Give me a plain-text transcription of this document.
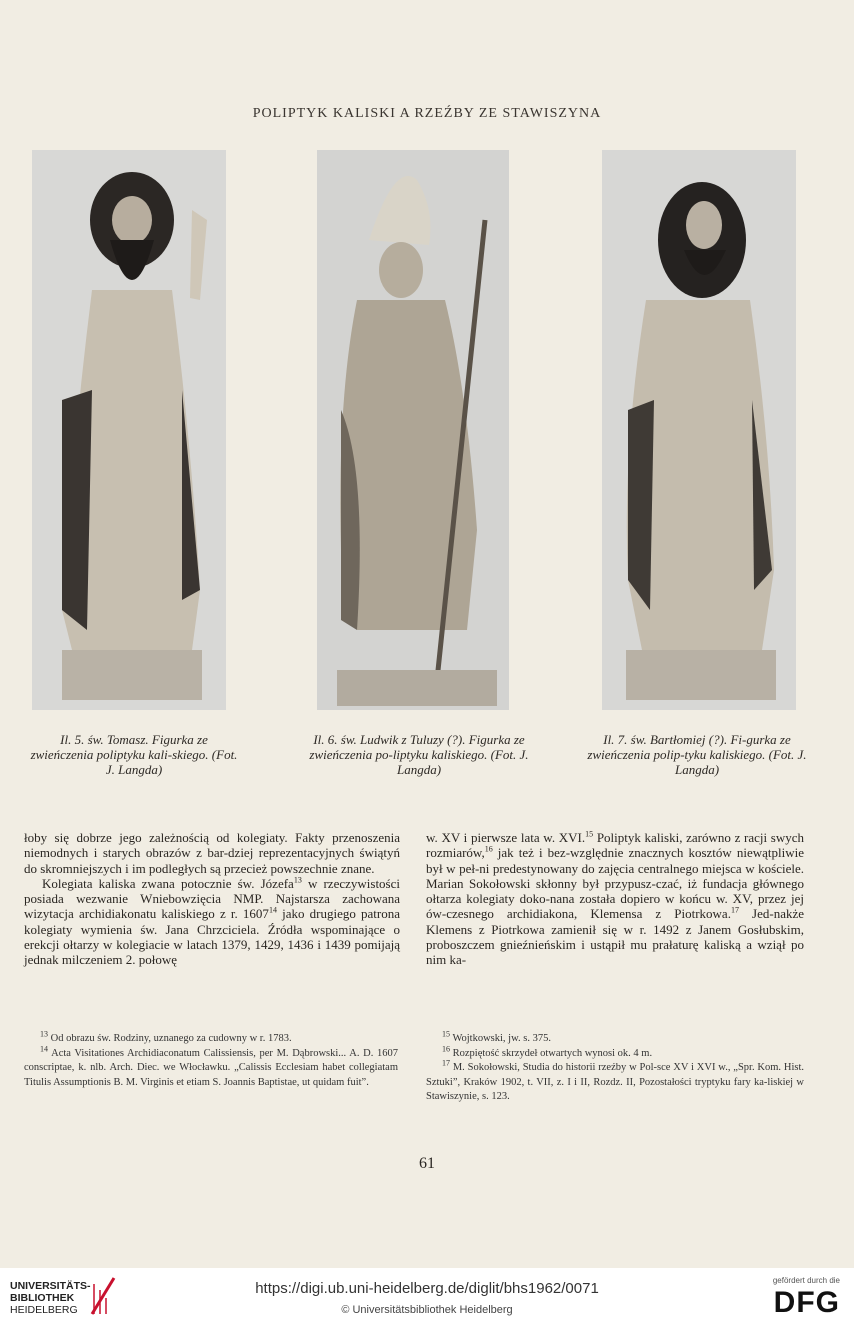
POLIPTYK KALISKI A RZEŹBY ZE STAWISZYNA
Il. 5. św. Tomasz. Figurka ze zwieńczenia poliptyku kali-skiego. (Fot. J. Langda)
Il. 6. św. Ludwik z Tuluzy (?). Figurka ze zwieńczenia po-liptyku kaliskiego. (Fot. J. Langda)
Il. 7. św. Bartłomiej (?). Fi-gurka ze zwieńczenia polip-tyku kaliskiego. (Fot. J. Langda)

łoby się dobrze jego zależnością od kolegiaty. Fakty przenoszenia niemodnych i starych obrazów z bar-dziej reprezentacyjnych świątyń do skromniejszych i im podległych są przecież powszechnie znane.

Kolegiata kaliska zwana potocznie św. Józefa$^{13}$ w rzeczywistości posiada wezwanie Wniebowzięcia NMP. Najstarsza zachowana wizytacja archidiakonatu kaliskiego z r. 1607$^{14}$ jako drugiego patrona kolegiaty wymienia św. Jana Chrzciciela. Źródła wspominające o erekcji ołtarzy w kolegiacie w latach 1379, 1429, 1436 i 1439 pomijają jednak milczeniem 2. połowę

w. XV i pierwsze lata w. XVI.$^{15}$ Poliptyk kaliski, zarówno z racji swych rozmiarów,$^{16}$ jak też i bez-względnie znacznych kosztów niewątpliwie był w peł-ni predestynowany do zajęcia centralnego miejsca w kościele. Marian Sokołowski skłonny był przypusz-czać, iż fundacja głównego ołtarza kolegiaty doko-nana została dopiero w końcu w. XV, przez jej ów-czesnego archidiakona, Klemensa z Piotrkowa.$^{17}$ Jed-nakże Klemens z Piotrkowa zamienił się w r. 1492 z Janem Gosłubskim, proboszczem gnieźnieńskim i ustąpił mu prałaturę kaliską a wziął po nim ka-

$^{13}$ Od obrazu św. Rodziny, uznanego za cudowny w r. 1783.

$^{14}$ Acta Visitationes Archidiaconatum Calissiensis, per M. Dąbrowski... A. D. 1607 conscriptae, k. nlb. Arch. Diec. we Włocławku. „Calissis Ecclesiam habet collegiatam Titulis Assumptionis B. M. Virginis et etiam S. Joannis Baptistae, ut quidam fuit”.

$^{15}$ Wojtkowski, jw. s. 375.

$^{16}$ Rozpiętość skrzydeł otwartych wynosi ok. 4 m.

$^{17}$ M. Sokołowski, Studia do historii rzeźby w Pol-sce XV i XVI w., „Spr. Kom. Hist. Sztuki”, Kraków 1902, t. VII, z. I i II, Rozdz. II, Pozostałości tryptyku fary ka-liskiej w Stawiszynie, s. 123.

61
UNIVERSITÄTS-
BIBLIOTHEK
HEIDELBERG
https://digi.ub.uni-heidelberg.de/diglit/bhs1962/0071
© Universitätsbibliothek Heidelberg
gefördert durch die
DFG
